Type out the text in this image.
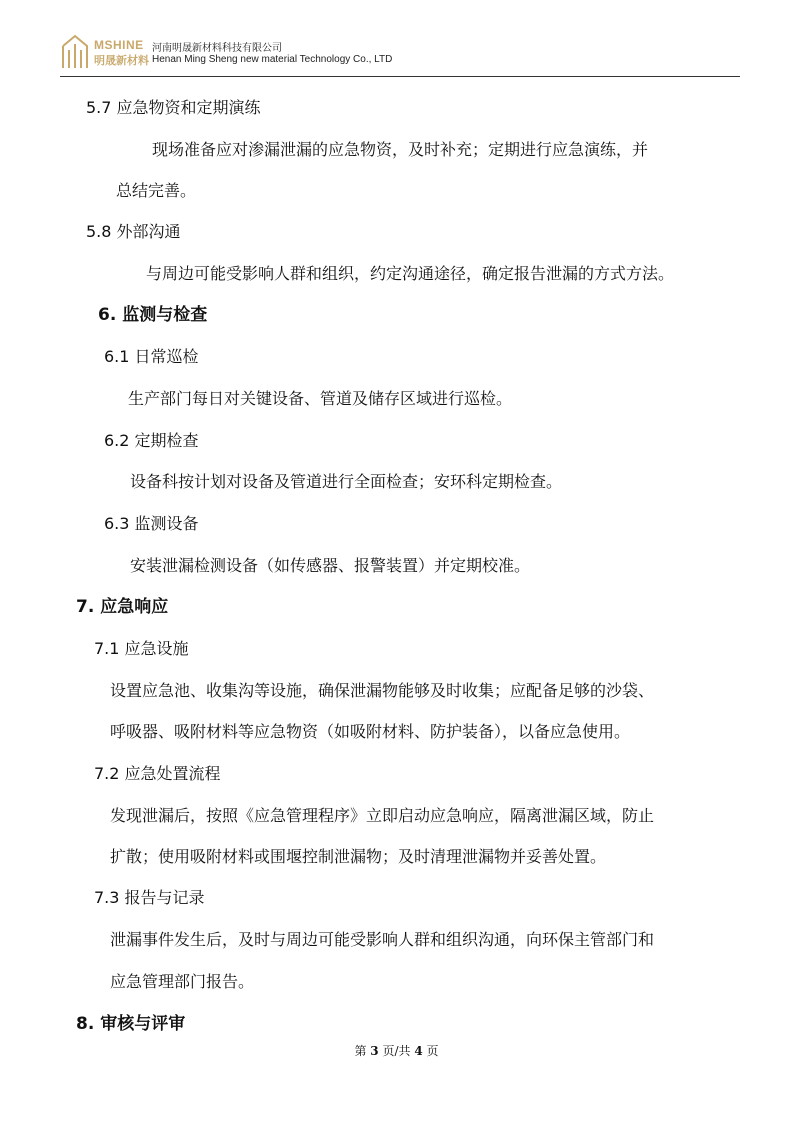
MSHINE
明晟新材料
河南明晟新材料科技有限公司
Henan Ming Sheng new material Technology Co., LTD
5.7 应急物资和定期演练
现场准备应对渗漏泄漏的应急物资，及时补充；定期进行应急演练，并
总结完善。
5.8 外部沟通
与周边可能受影响人群和组织，约定沟通途径，确定报告泄漏的方式方法。
6. 监测与检查
6.1 日常巡检
生产部门每日对关键设备、管道及储存区域进行巡检。
6.2 定期检查
设备科按计划对设备及管道进行全面检查；安环科定期检查。
6.3 监测设备
安装泄漏检测设备（如传感器、报警装置）并定期校准。
7. 应急响应
7.1 应急设施
设置应急池、收集沟等设施，确保泄漏物能够及时收集；应配备足够的沙袋、
呼吸器、吸附材料等应急物资（如吸附材料、防护装备），以备应急使用。
7.2 应急处置流程
发现泄漏后，按照《应急管理程序》立即启动应急响应，隔离泄漏区域，防止
扩散；使用吸附材料或围堰控制泄漏物；及时清理泄漏物并妥善处置。
7.3 报告与记录
泄漏事件发生后，及时与周边可能受影响人群和组织沟通，向环保主管部门和
应急管理部门报告。
8. 审核与评审
第 3 页/共 4 页
